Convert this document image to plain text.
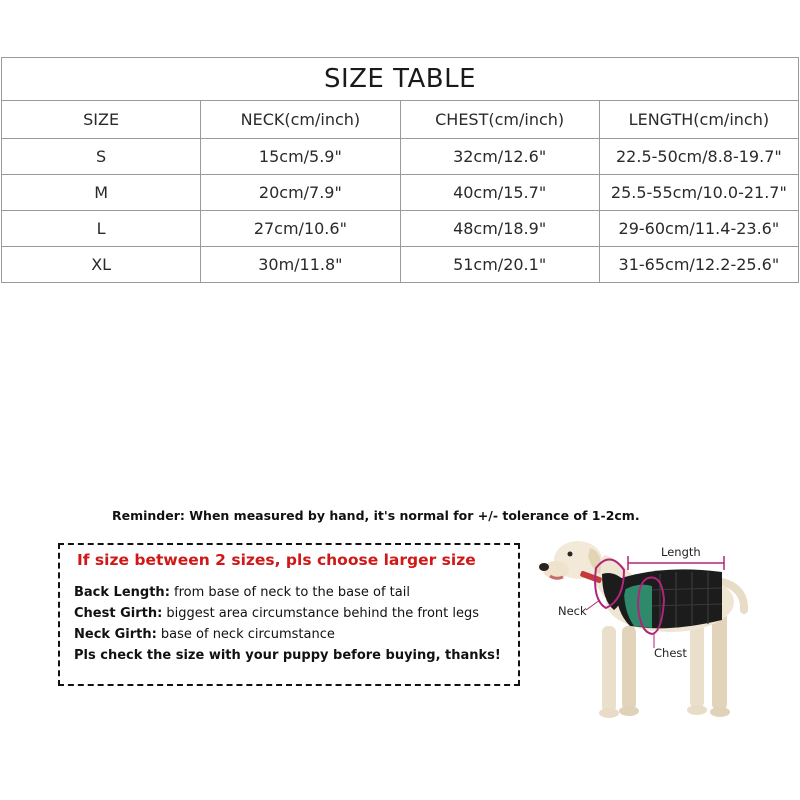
SIZE TABLE			
SIZE	NECK(cm/inch)	CHEST(cm/inch)	LENGTH(cm/inch)
S	15cm/5.9"	32cm/12.6"	22.5-50cm/8.8-19.7"
M	20cm/7.9"	40cm/15.7"	25.5-55cm/10.0-21.7"
L	27cm/10.6"	48cm/18.9"	29-60cm/11.4-23.6"
XL	30m/11.8"	51cm/20.1"	31-65cm/12.2-25.6"
Reminder: When measured by hand, it's normal for +/- tolerance of 1-2cm.
If size between 2 sizes, pls choose larger size
Back Length: from base of neck to the base of tail
Chest Girth: biggest area circumstance behind the front legs
Neck Girth: base of neck circumstance
Pls check the size with your puppy before buying, thanks!
Length
Neck
Chest
